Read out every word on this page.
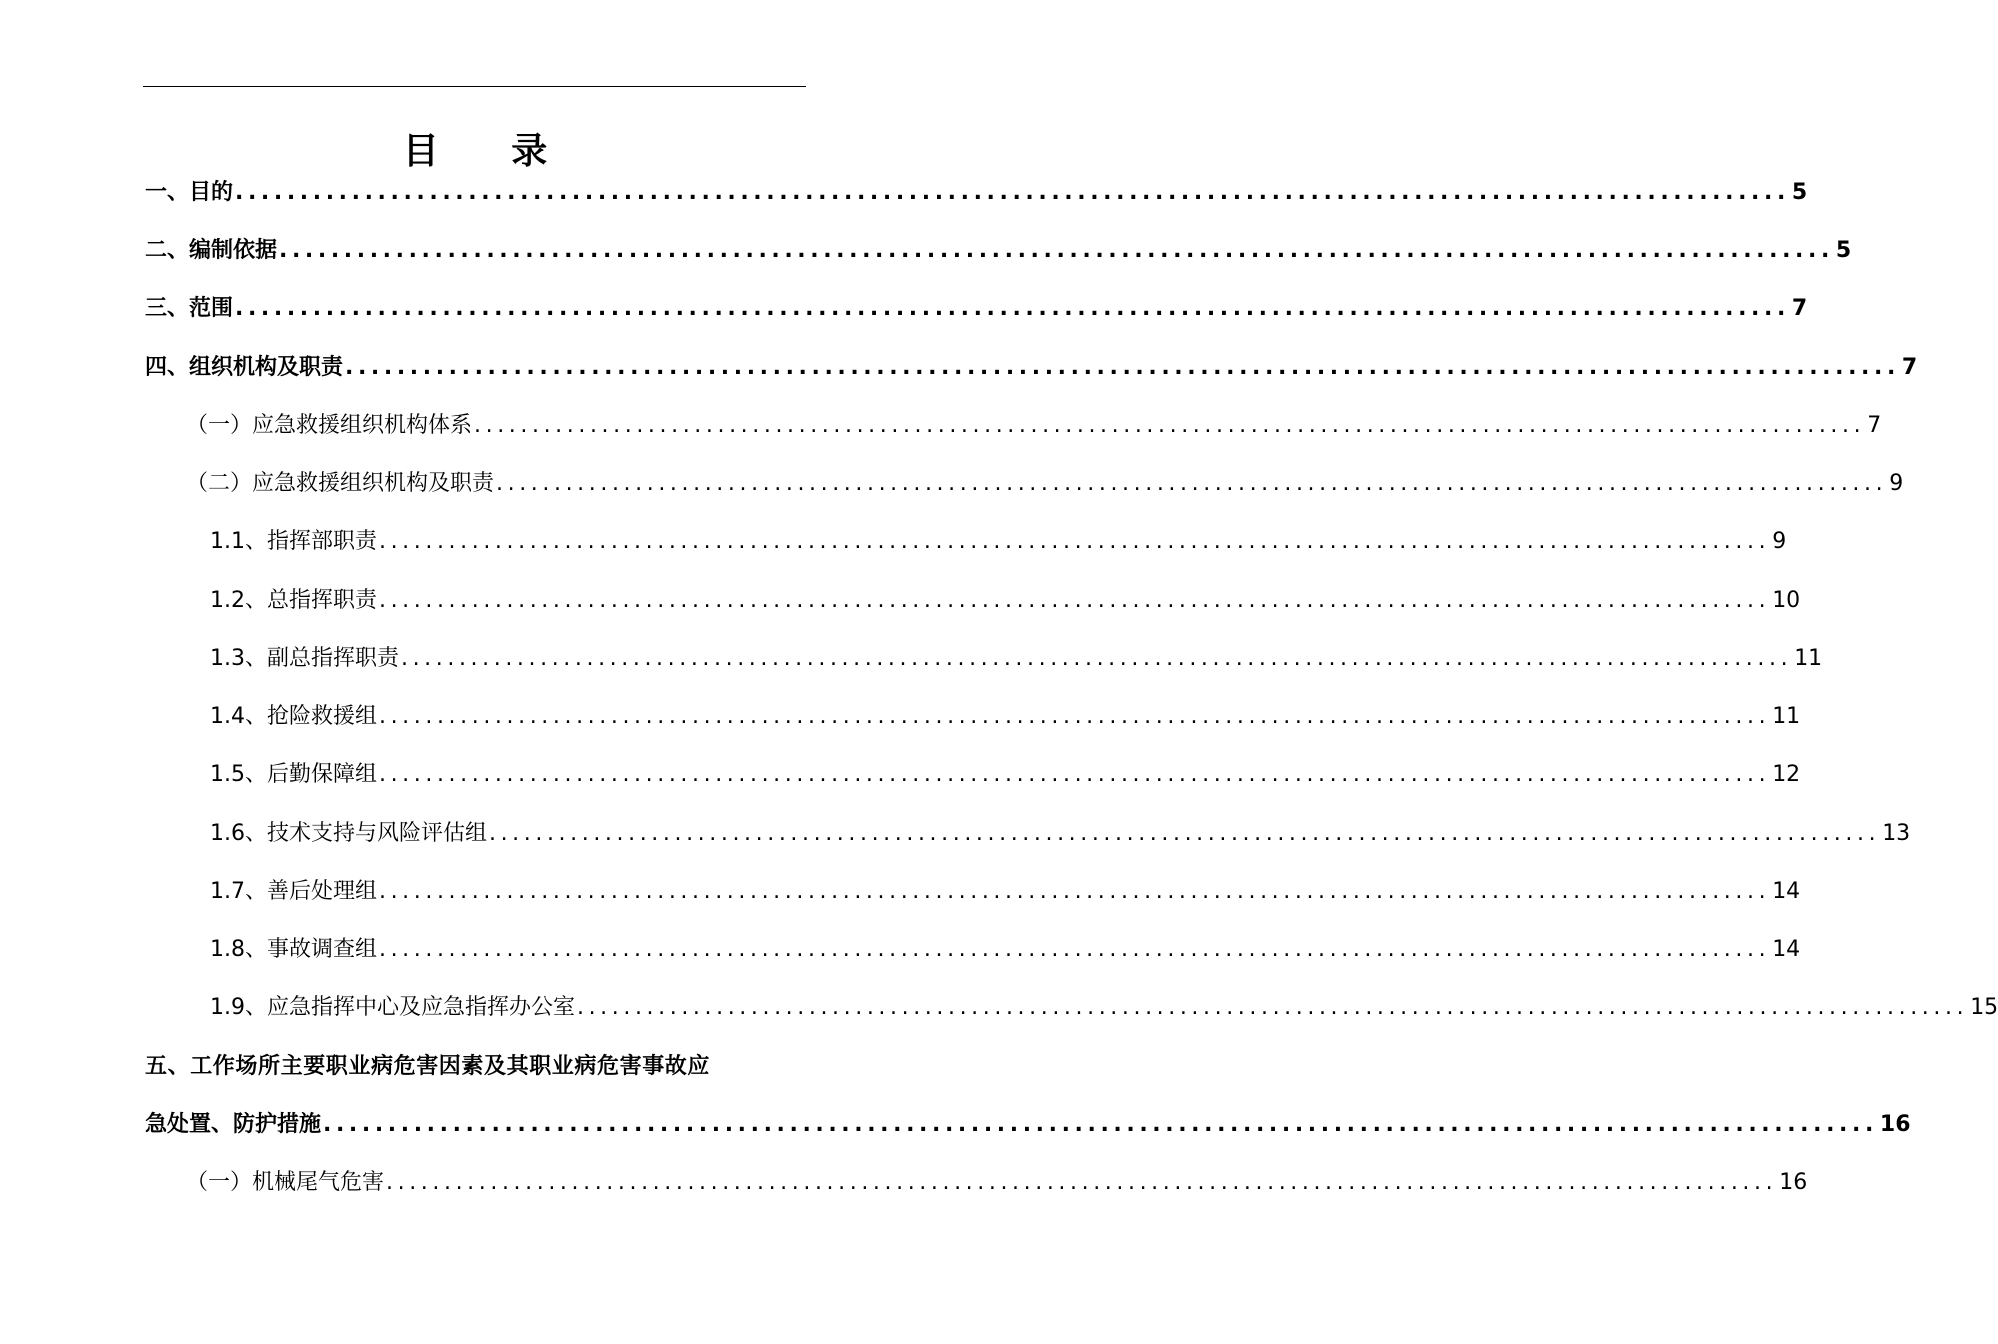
目 录
一、目的 ........................................................................................................................ 5
二、编制依据 ........................................................................................................................ 5
三、范围 ........................................................................................................................ 7
四、组织机构及职责 ........................................................................................................................ 7
（一）应急救援组织机构体系 ........................................................................................................................ 7
（二）应急救援组织机构及职责 ........................................................................................................................ 9
1.1、指挥部职责 ........................................................................................................................ 9
1.2、总指挥职责 ........................................................................................................................ 10
1.3、副总指挥职责 ........................................................................................................................ 11
1.4、抢险救援组 ........................................................................................................................ 11
1.5、后勤保障组 ........................................................................................................................ 12
1.6、技术支持与风险评估组 ........................................................................................................................ 13
1.7、善后处理组 ........................................................................................................................ 14
1.8、事故调查组 ........................................................................................................................ 14
1.9、应急指挥中心及应急指挥办公室 ........................................................................................................................ 15
五、工作场所主要职业病危害因素及其职业病危害事故应
急处置、防护措施 ........................................................................................................................ 16
（一）机械尾气危害 ........................................................................................................................ 16
